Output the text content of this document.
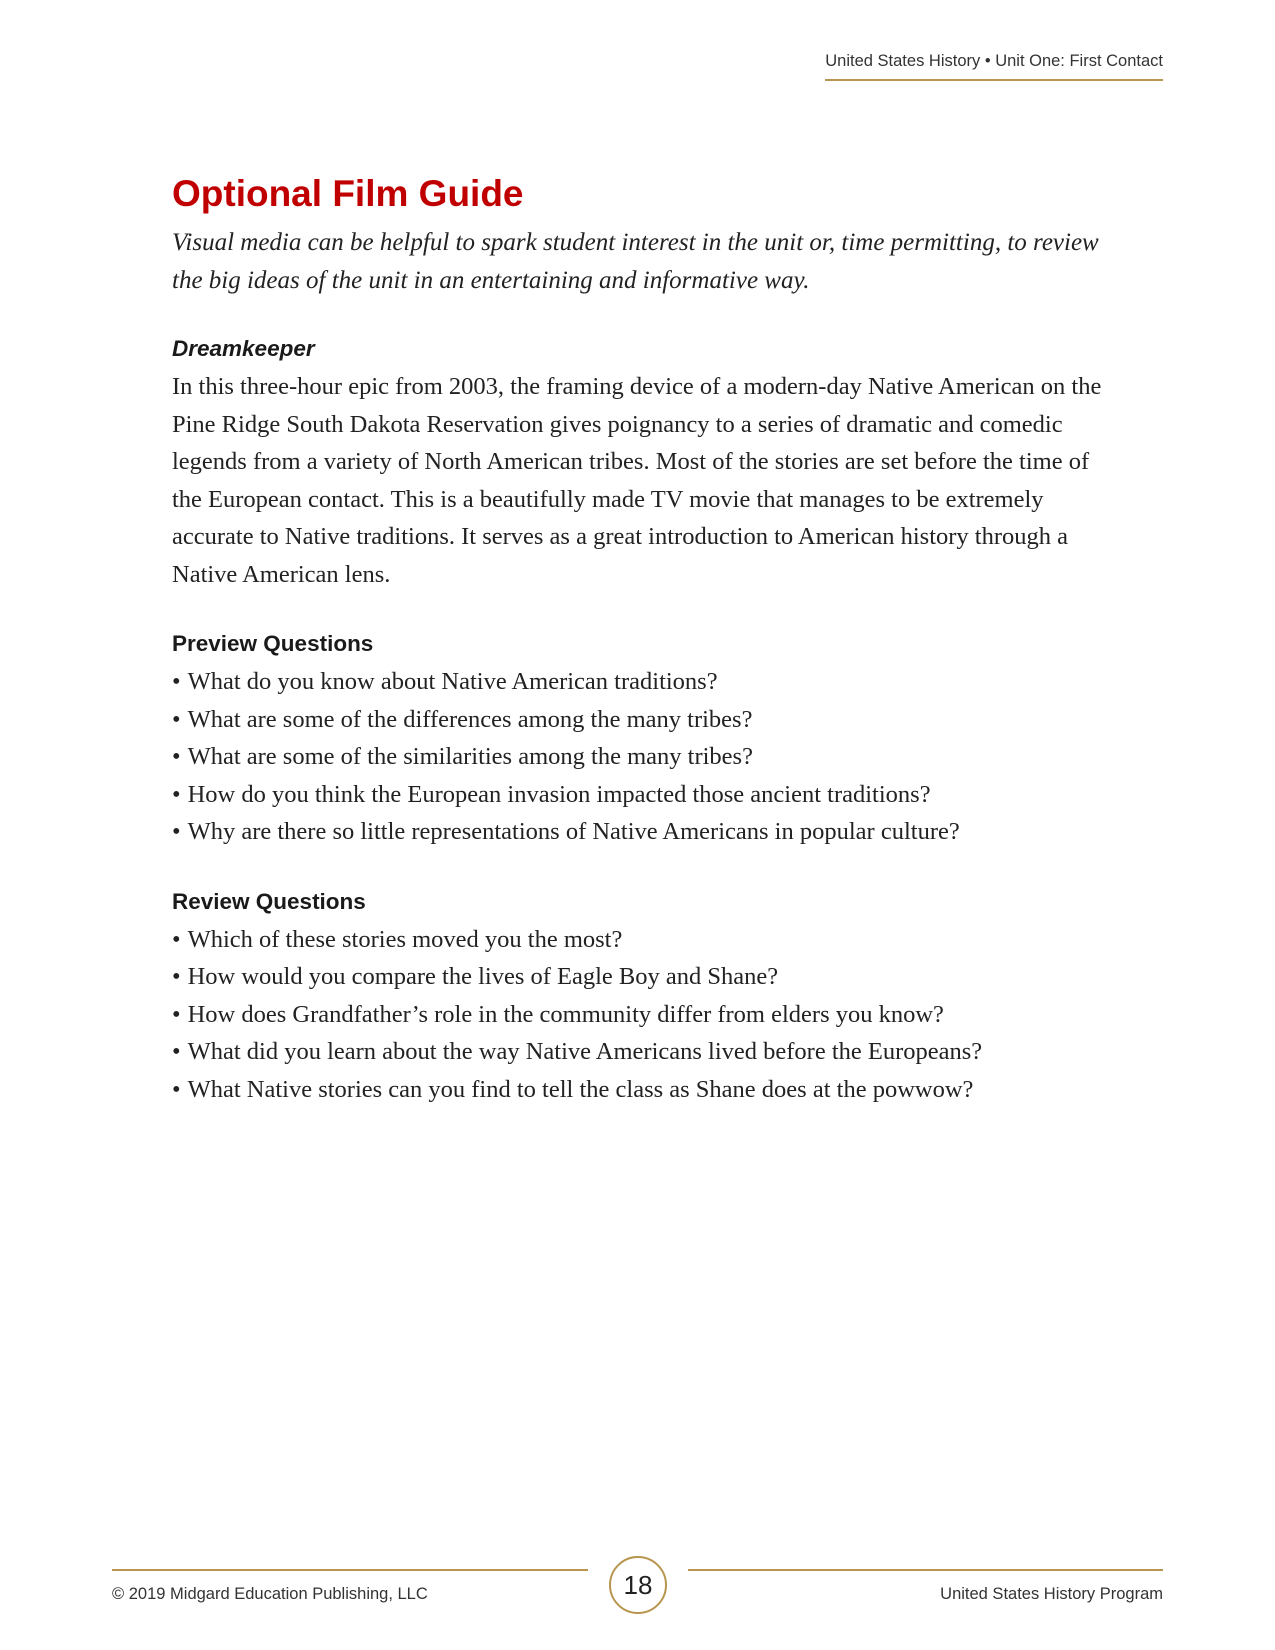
United States History • Unit One: First Contact
Optional Film Guide

Visual media can be helpful to spark student interest in the unit or, time permitting, to review the big ideas of the unit in an entertaining and informative way.

Dreamkeeper

In this three-hour epic from 2003, the framing device of a modern-day Native American on the Pine Ridge South Dakota Reservation gives poignancy to a series of dramatic and comedic legends from a variety of North American tribes. Most of the stories are set before the time of the European contact. This is a beautifully made TV movie that manages to be extremely accurate to Native traditions. It serves as a great introduction to American history through a Native American lens.

Preview Questions
• What do you know about Native American traditions?
• What are some of the differences among the many tribes?
• What are some of the similarities among the many tribes?
• How do you think the European invasion impacted those ancient traditions?
• Why are there so little representations of Native Americans in popular culture?
Review Questions
• Which of these stories moved you the most?
• How would you compare the lives of Eagle Boy and Shane?
• How does Grandfather’s role in the community differ from elders you know?
• What did you learn about the way Native Americans lived before the Europeans?
• What Native stories can you find to tell the class as Shane does at the powwow?
18
© 2019 Midgard Education Publishing, LLC	United States History Program
